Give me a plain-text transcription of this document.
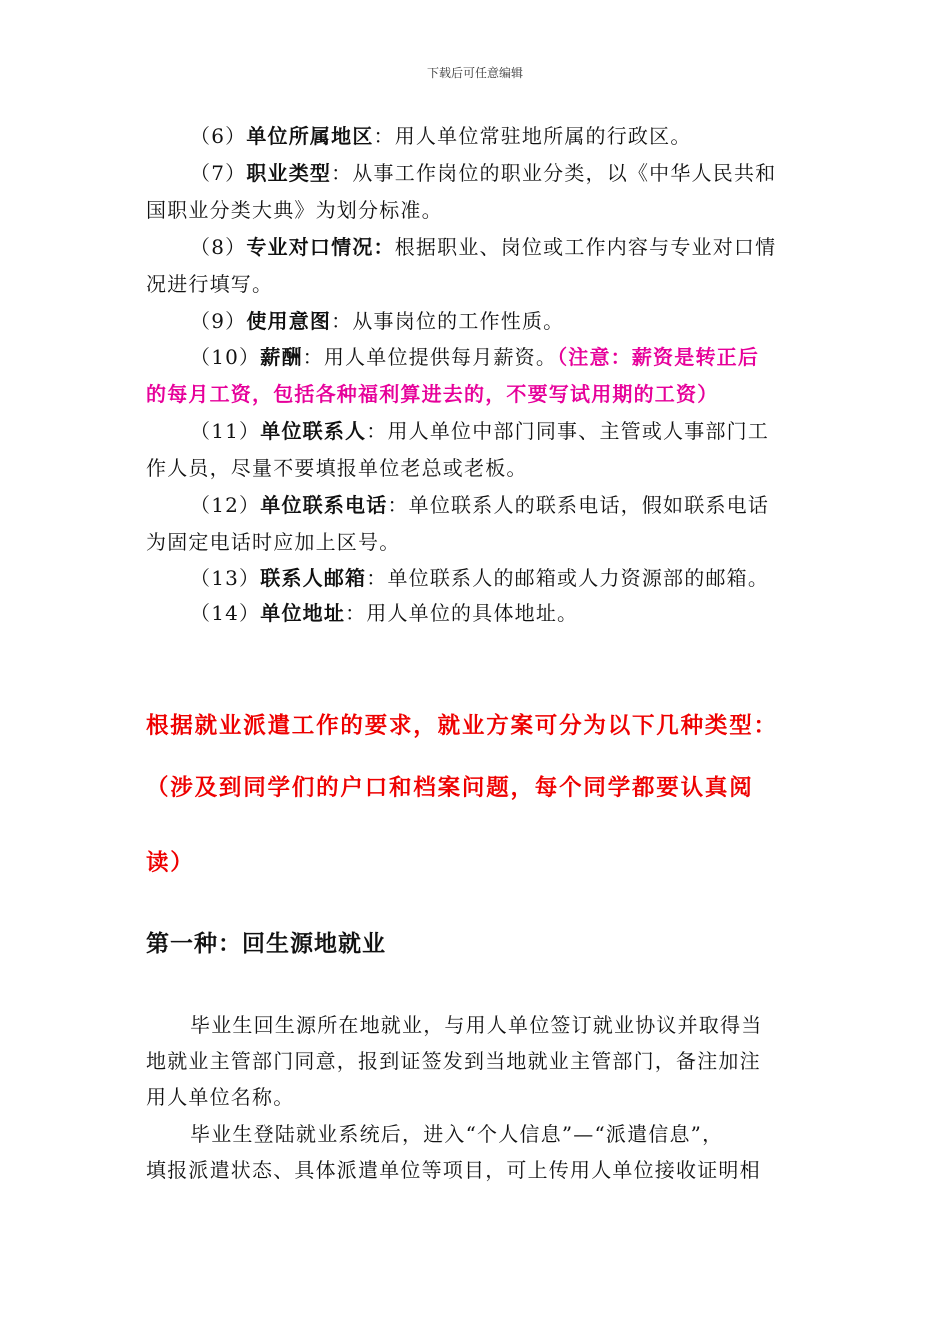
下载后可任意编辑
（6）单位所属地区：用人单位常驻地所属的行政区。
（7）职业类型：从事工作岗位的职业分类，以《中华人民共和
国职业分类大典》为划分标准。
（8）专业对口情况：根据职业、岗位或工作内容与专业对口情
况进行填写。
（9）使用意图：从事岗位的工作性质。
（10）薪酬：用人单位提供每月薪资。（注意：薪资是转正后
的每月工资，包括各种福利算进去的，不要写试用期的工资）
（11）单位联系人：用人单位中部门同事、主管或人事部门工
作人员，尽量不要填报单位老总或老板。
（12）单位联系电话：单位联系人的联系电话，假如联系电话
为固定电话时应加上区号。
（13）联系人邮箱：单位联系人的邮箱或人力资源部的邮箱。
（14）单位地址：用人单位的具体地址。
根据就业派遣工作的要求，就业方案可分为以下几种类型：
（涉及到同学们的户口和档案问题，每个同学都要认真阅
读）
第一种：回生源地就业
毕业生回生源所在地就业，与用人单位签订就业协议并取得当
地就业主管部门同意，报到证签发到当地就业主管部门，备注加注
用人单位名称。
毕业生登陆就业系统后，进入“个人信息”—“派遣信息”，
填报派遣状态、具体派遣单位等项目，可上传用人单位接收证明相
